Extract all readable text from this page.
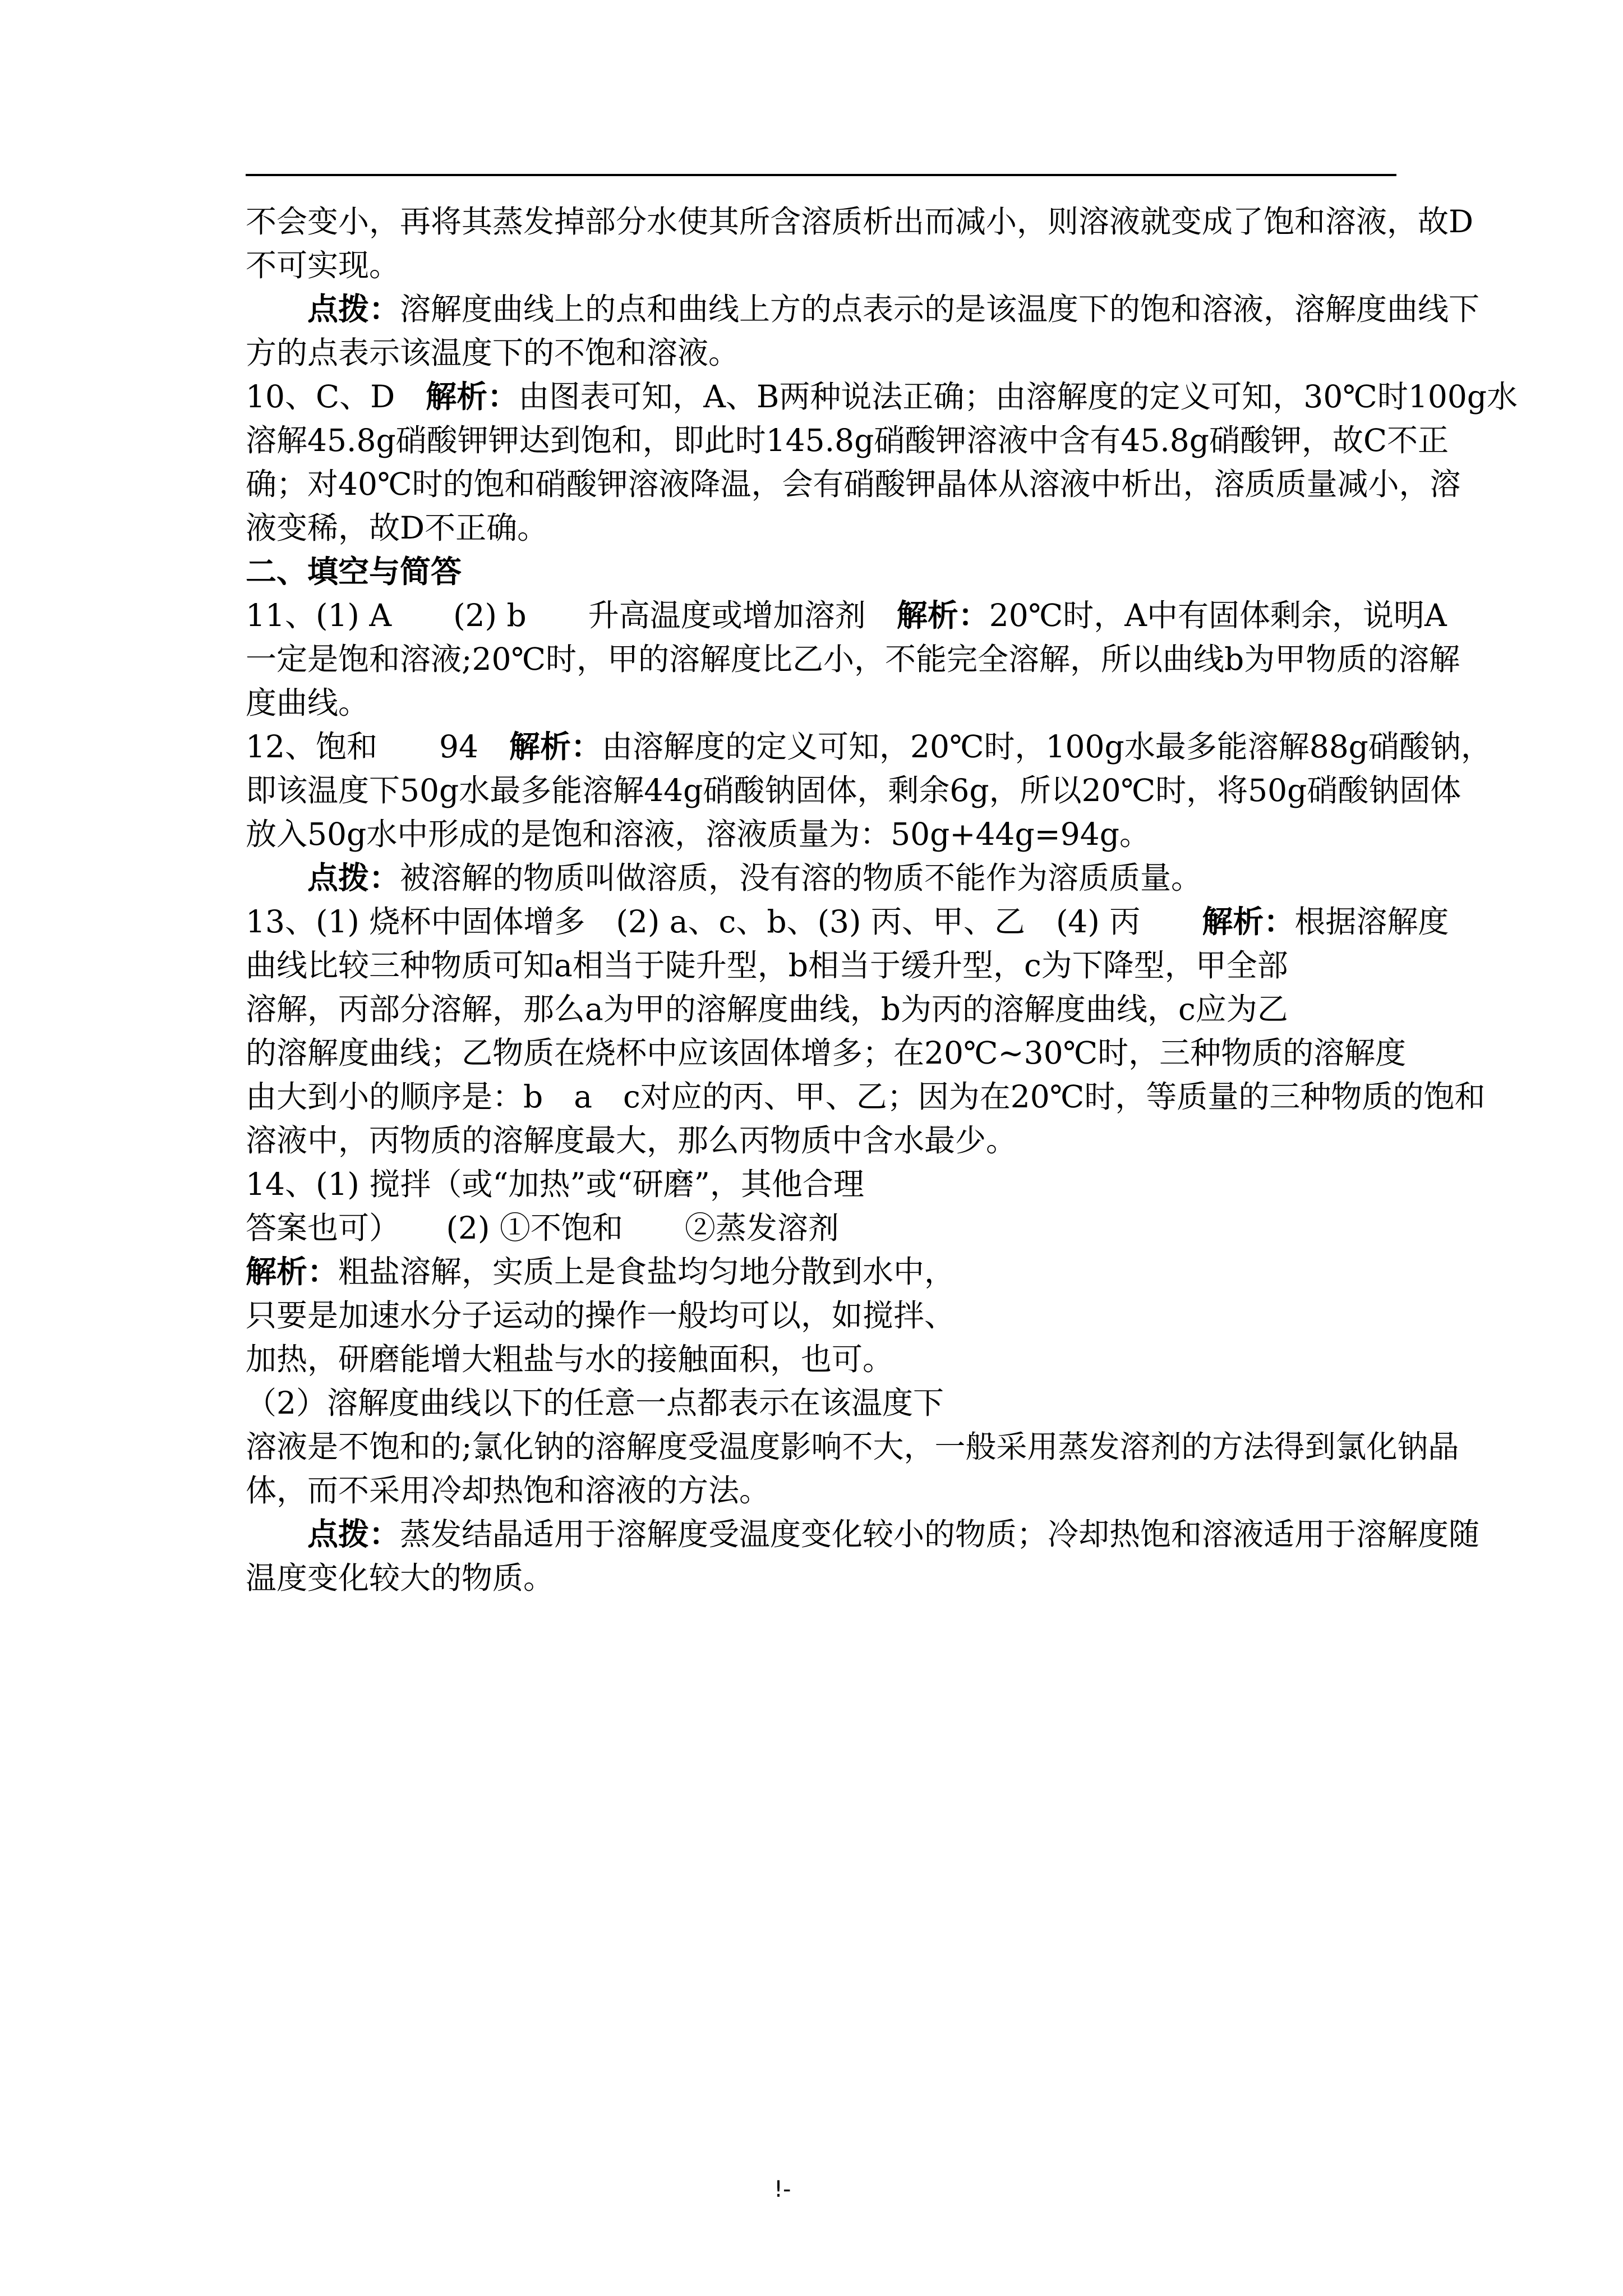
不会变小，再将其蒸发掉部分水使其所含溶质析出而减小，则溶液就变成了饱和溶液，故D
不可实现。
点拨：溶解度曲线上的点和曲线上方的点表示的是该温度下的饱和溶液，溶解度曲线下
方的点表示该温度下的不饱和溶液。
10、C、D　解析：由图表可知，A、B两种说法正确；由溶解度的定义可知，30℃时100g水
溶解45.8g硝酸钾钾达到饱和，即此时145.8g硝酸钾溶液中含有45.8g硝酸钾，故C不正
确；对40℃时的饱和硝酸钾溶液降温，会有硝酸钾晶体从溶液中析出，溶质质量减小，溶
液变稀，故D不正确。
二、填空与简答
11、(1) A　　(2) b　　升高温度或增加溶剂　解析：20℃时，A中有固体剩余，说明A
一定是饱和溶液;20℃时，甲的溶解度比乙小，不能完全溶解，所以曲线b为甲物质的溶解
度曲线。
12、饱和　　94　解析：由溶解度的定义可知，20℃时，100g水最多能溶解88g硝酸钠，
即该温度下50g水最多能溶解44g硝酸钠固体，剩余6g，所以20℃时，将50g硝酸钠固体
放入50g水中形成的是饱和溶液，溶液质量为：50g+44g=94g。
点拨：被溶解的物质叫做溶质，没有溶的物质不能作为溶质质量。
13、(1) 烧杯中固体增多　(2) a、c、b、(3) 丙、甲、乙　(4) 丙　　解析：根据溶解度
曲线比较三种物质可知a相当于陡升型，b相当于缓升型，c为下降型，甲全部
溶解，丙部分溶解，那么a为甲的溶解度曲线，b为丙的溶解度曲线，c应为乙
的溶解度曲线；乙物质在烧杯中应该固体增多；在20℃~30℃时，三种物质的溶解度
由大到小的顺序是：b　a　c对应的丙、甲、乙；因为在20℃时，等质量的三种物质的饱和
溶液中，丙物质的溶解度最大，那么丙物质中含水最少。
14、(1) 搅拌（或“加热”或“研磨”，其他合理
答案也可）　　(2) ①不饱和　　②蒸发溶剂
解析：粗盐溶解，实质上是食盐均匀地分散到水中，
只要是加速水分子运动的操作一般均可以，如搅拌、
加热，研磨能增大粗盐与水的接触面积，也可。
（2）溶解度曲线以下的任意一点都表示在该温度下
溶液是不饱和的;氯化钠的溶解度受温度影响不大，一般采用蒸发溶剂的方法得到氯化钠晶
体，而不采用冷却热饱和溶液的方法。
点拨：蒸发结晶适用于溶解度受温度变化较小的物质；冷却热饱和溶液适用于溶解度随
温度变化较大的物质。
!-
